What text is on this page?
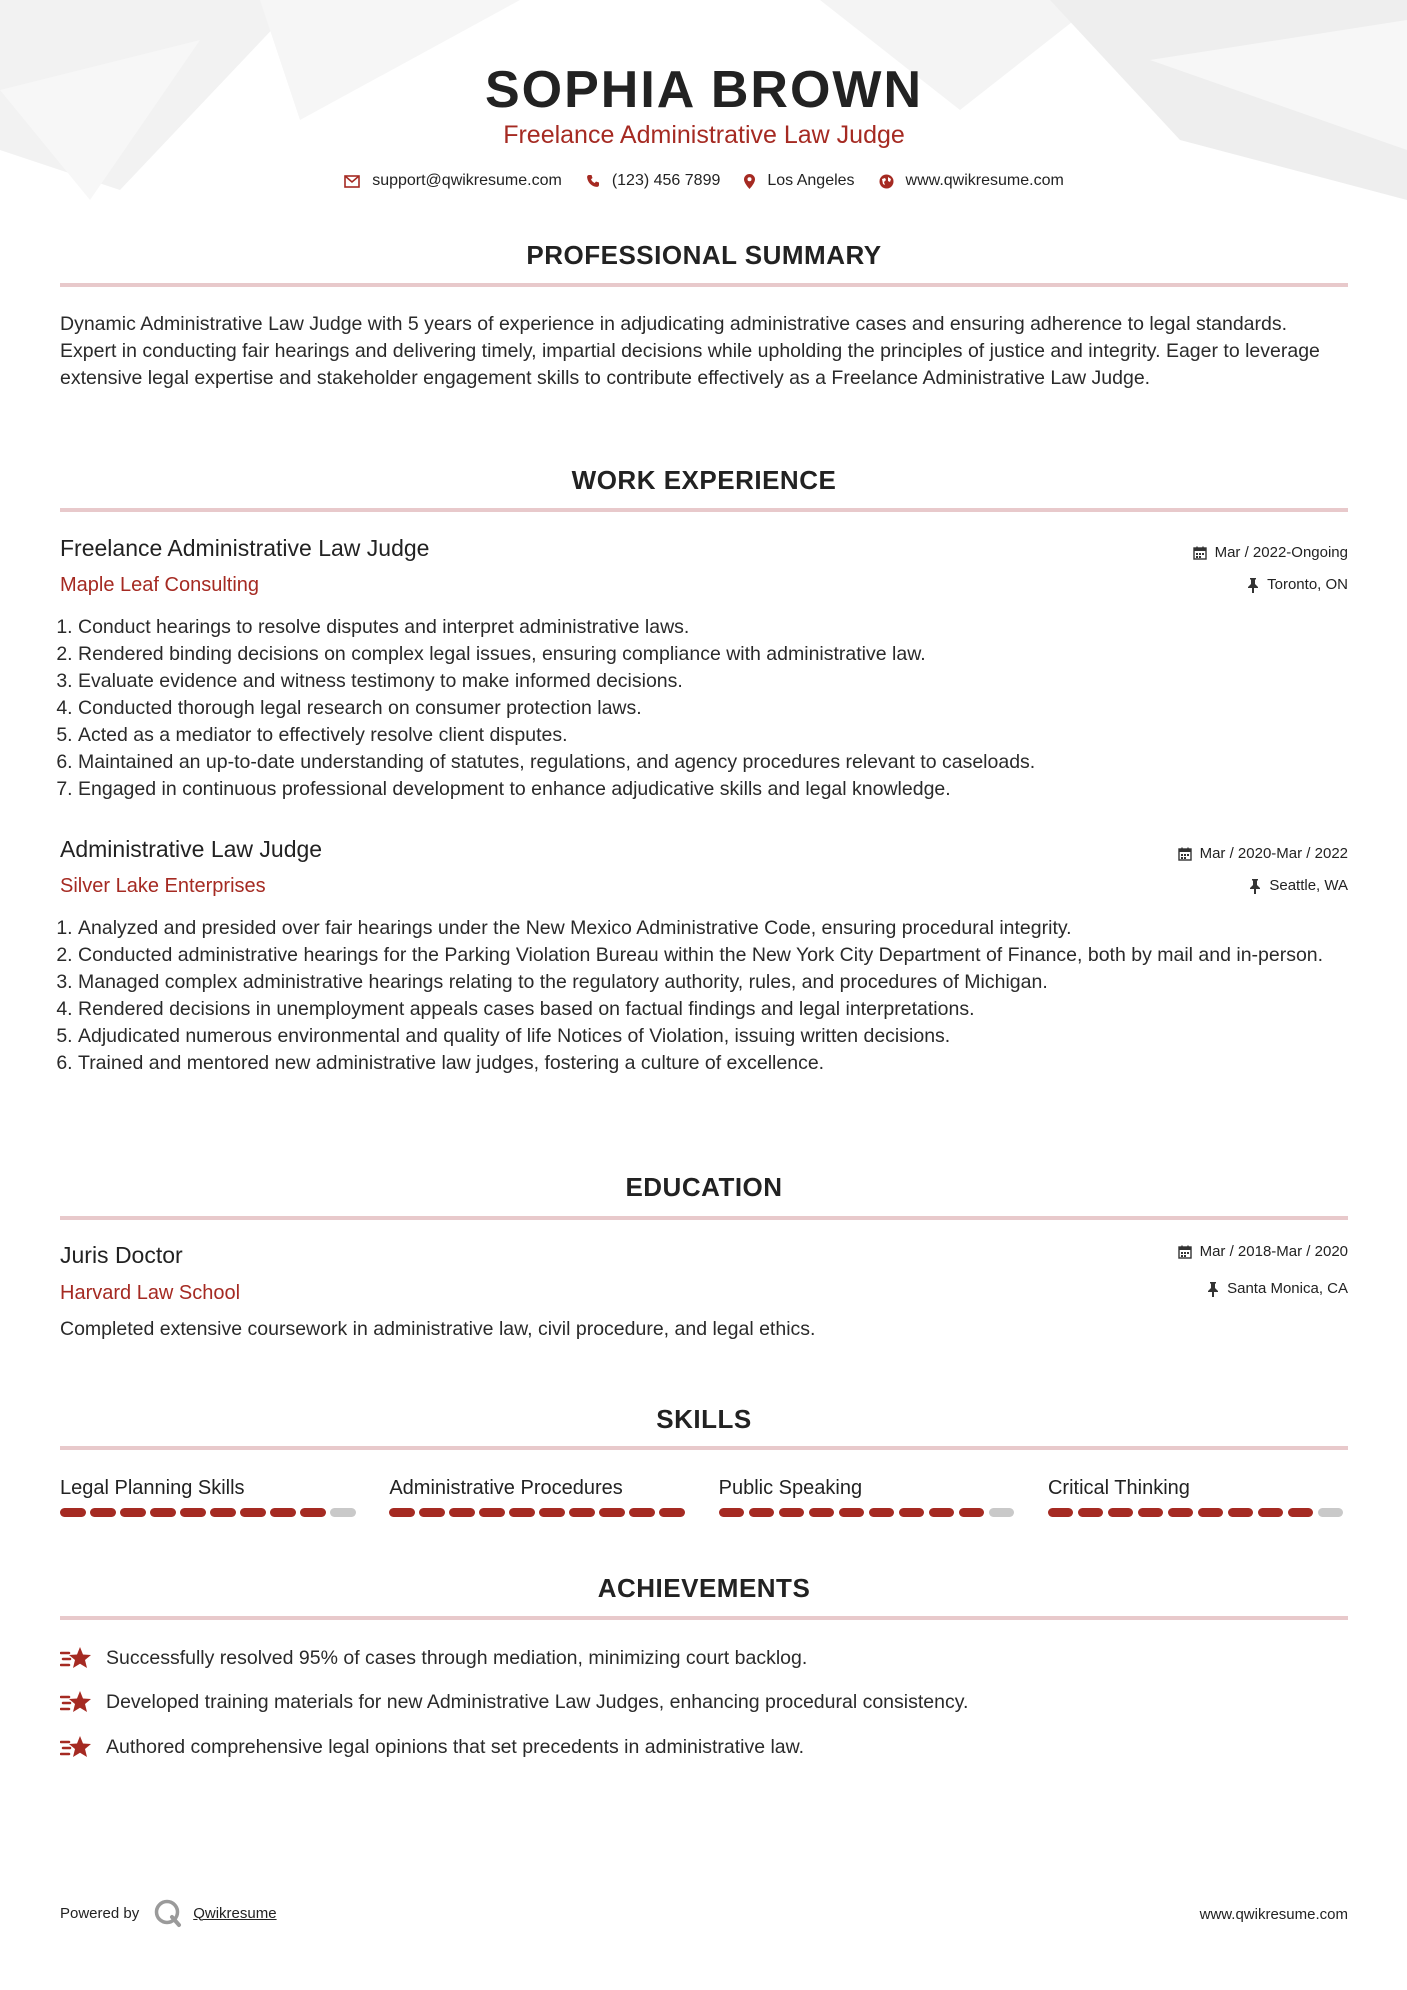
SOPHIA BROWN
Freelance Administrative Law Judge
support@qwikresume.com	(123) 456 7899	Los Angeles	www.qwikresume.com
PROFESSIONAL SUMMARY
Dynamic Administrative Law Judge with 5 years of experience in adjudicating administrative cases and ensuring adherence to legal standards. Expert in conducting fair hearings and delivering timely, impartial decisions while upholding the principles of justice and integrity. Eager to leverage extensive legal expertise and stakeholder engagement skills to contribute effectively as a Freelance Administrative Law Judge.
WORK EXPERIENCE
Freelance Administrative Law Judge
Maple Leaf Consulting
Mar / 2022-Ongoing
Toronto, ON
1. Conduct hearings to resolve disputes and interpret administrative laws.
2. Rendered binding decisions on complex legal issues, ensuring compliance with administrative law.
3. Evaluate evidence and witness testimony to make informed decisions.
4. Conducted thorough legal research on consumer protection laws.
5. Acted as a mediator to effectively resolve client disputes.
6. Maintained an up-to-date understanding of statutes, regulations, and agency procedures relevant to caseloads.
7. Engaged in continuous professional development to enhance adjudicative skills and legal knowledge.
Administrative Law Judge
Silver Lake Enterprises
Mar / 2020-Mar / 2022
Seattle, WA
1. Analyzed and presided over fair hearings under the New Mexico Administrative Code, ensuring procedural integrity.
2. Conducted administrative hearings for the Parking Violation Bureau within the New York City Department of Finance, both by mail and in-person.
3. Managed complex administrative hearings relating to the regulatory authority, rules, and procedures of Michigan.
4. Rendered decisions in unemployment appeals cases based on factual findings and legal interpretations.
5. Adjudicated numerous environmental and quality of life Notices of Violation, issuing written decisions.
6. Trained and mentored new administrative law judges, fostering a culture of excellence.
EDUCATION
Juris Doctor
Harvard Law School
Mar / 2018-Mar / 2020
Santa Monica, CA
Completed extensive coursework in administrative law, civil procedure, and legal ethics.
SKILLS
Legal Planning Skills	Administrative Procedures	Public Speaking	Critical Thinking
ACHIEVEMENTS
Successfully resolved 95% of cases through mediation, minimizing court backlog.
Developed training materials for new Administrative Law Judges, enhancing procedural consistency.
Authored comprehensive legal opinions that set precedents in administrative law.
Powered by	Qwikresume	www.qwikresume.com
